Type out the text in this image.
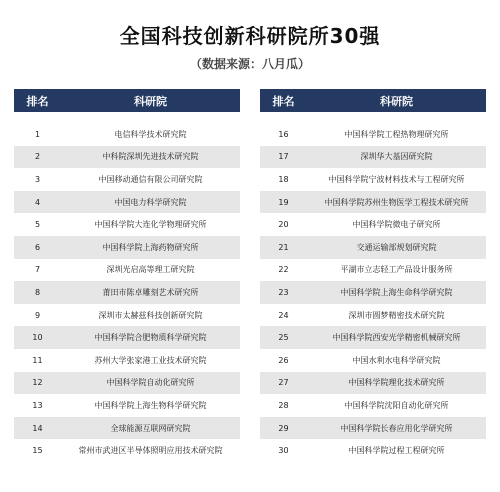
全国科技创新科研院所30强
（数据来源：八月瓜）
排名	科研院
1	电信科学技术研究院
2	中科院深圳先进技术研究院
3	中国移动通信有限公司研究院
4	中国电力科学研究院
5	中国科学院大连化学物理研究所
6	中国科学院上海药物研究所
7	深圳光启高等理工研究院
8	莆田市陈卓雕刻艺术研究所
9	深圳市太赫兹科技创新研究院
10	中国科学院合肥物质科学研究院
11	苏州大学张家港工业技术研究院
12	中国科学院自动化研究所
13	中国科学院上海生物科学研究院
14	全球能源互联网研究院
15	常州市武进区半导体照明应用技术研究院
排名	科研院
16	中国科学院工程热物理研究所
17	深圳华大基因研究院
18	中国科学院宁波材料技术与工程研究所
19	中国科学院苏州生物医学工程技术研究所
20	中国科学院微电子研究所
21	交通运输部规划研究院
22	平湖市立志轻工产品设计服务所
23	中国科学院上海生命科学研究院
24	深圳市圆梦精密技术研究院
25	中国科学院西安光学精密机械研究所
26	中国水利水电科学研究院
27	中国科学院理化技术研究所
28	中国科学院沈阳自动化研究所
29	中国科学院长春应用化学研究所
30	中国科学院过程工程研究所
